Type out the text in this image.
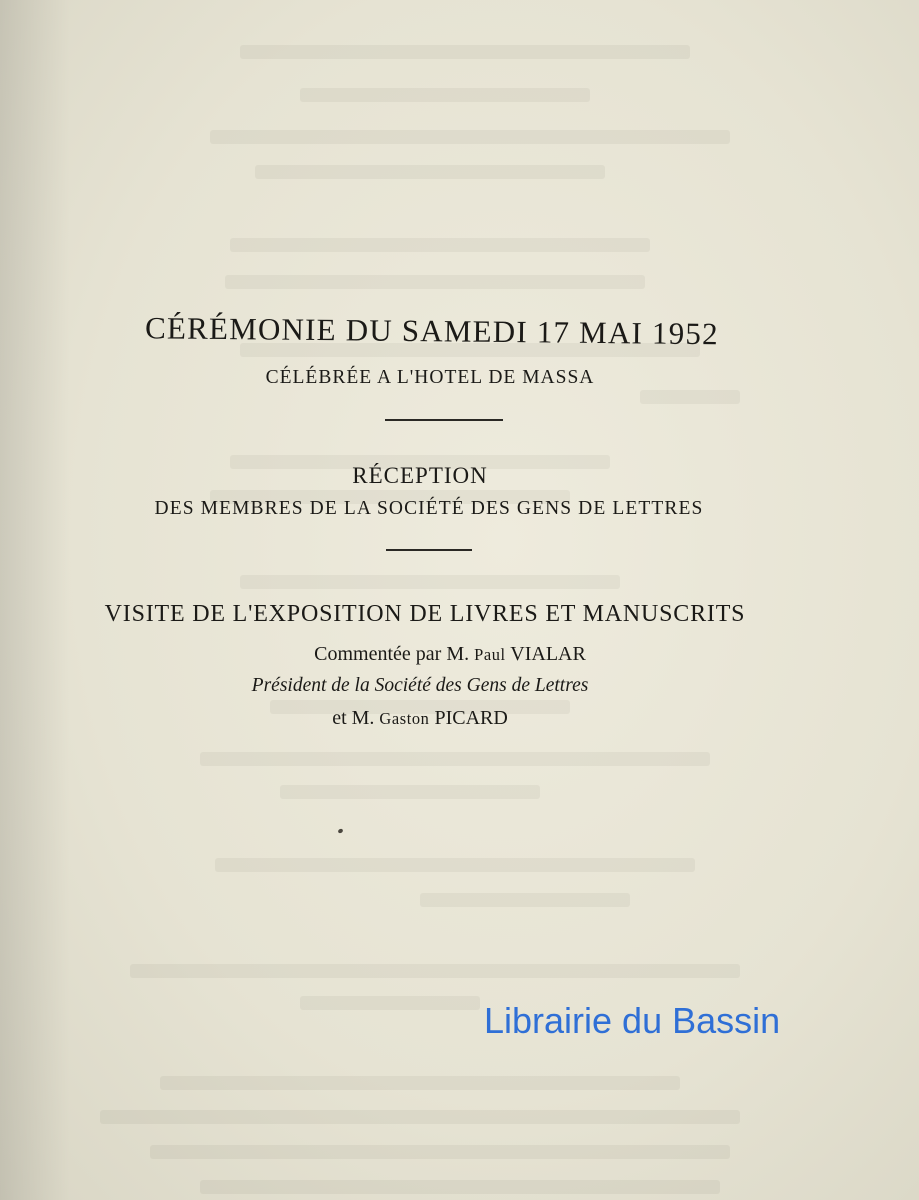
CÉRÉMONIE DU SAMEDI 17 MAI 1952
CÉLÉBRÉE A L'HOTEL DE MASSA
RÉCEPTION
DES MEMBRES DE LA SOCIÉTÉ DES GENS DE LETTRES
VISITE DE L'EXPOSITION DE LIVRES ET MANUSCRITS
Commentée par M. Paul VIALAR
Président de la Société des Gens de Lettres
et M. Gaston PICARD
Librairie du Bassin
